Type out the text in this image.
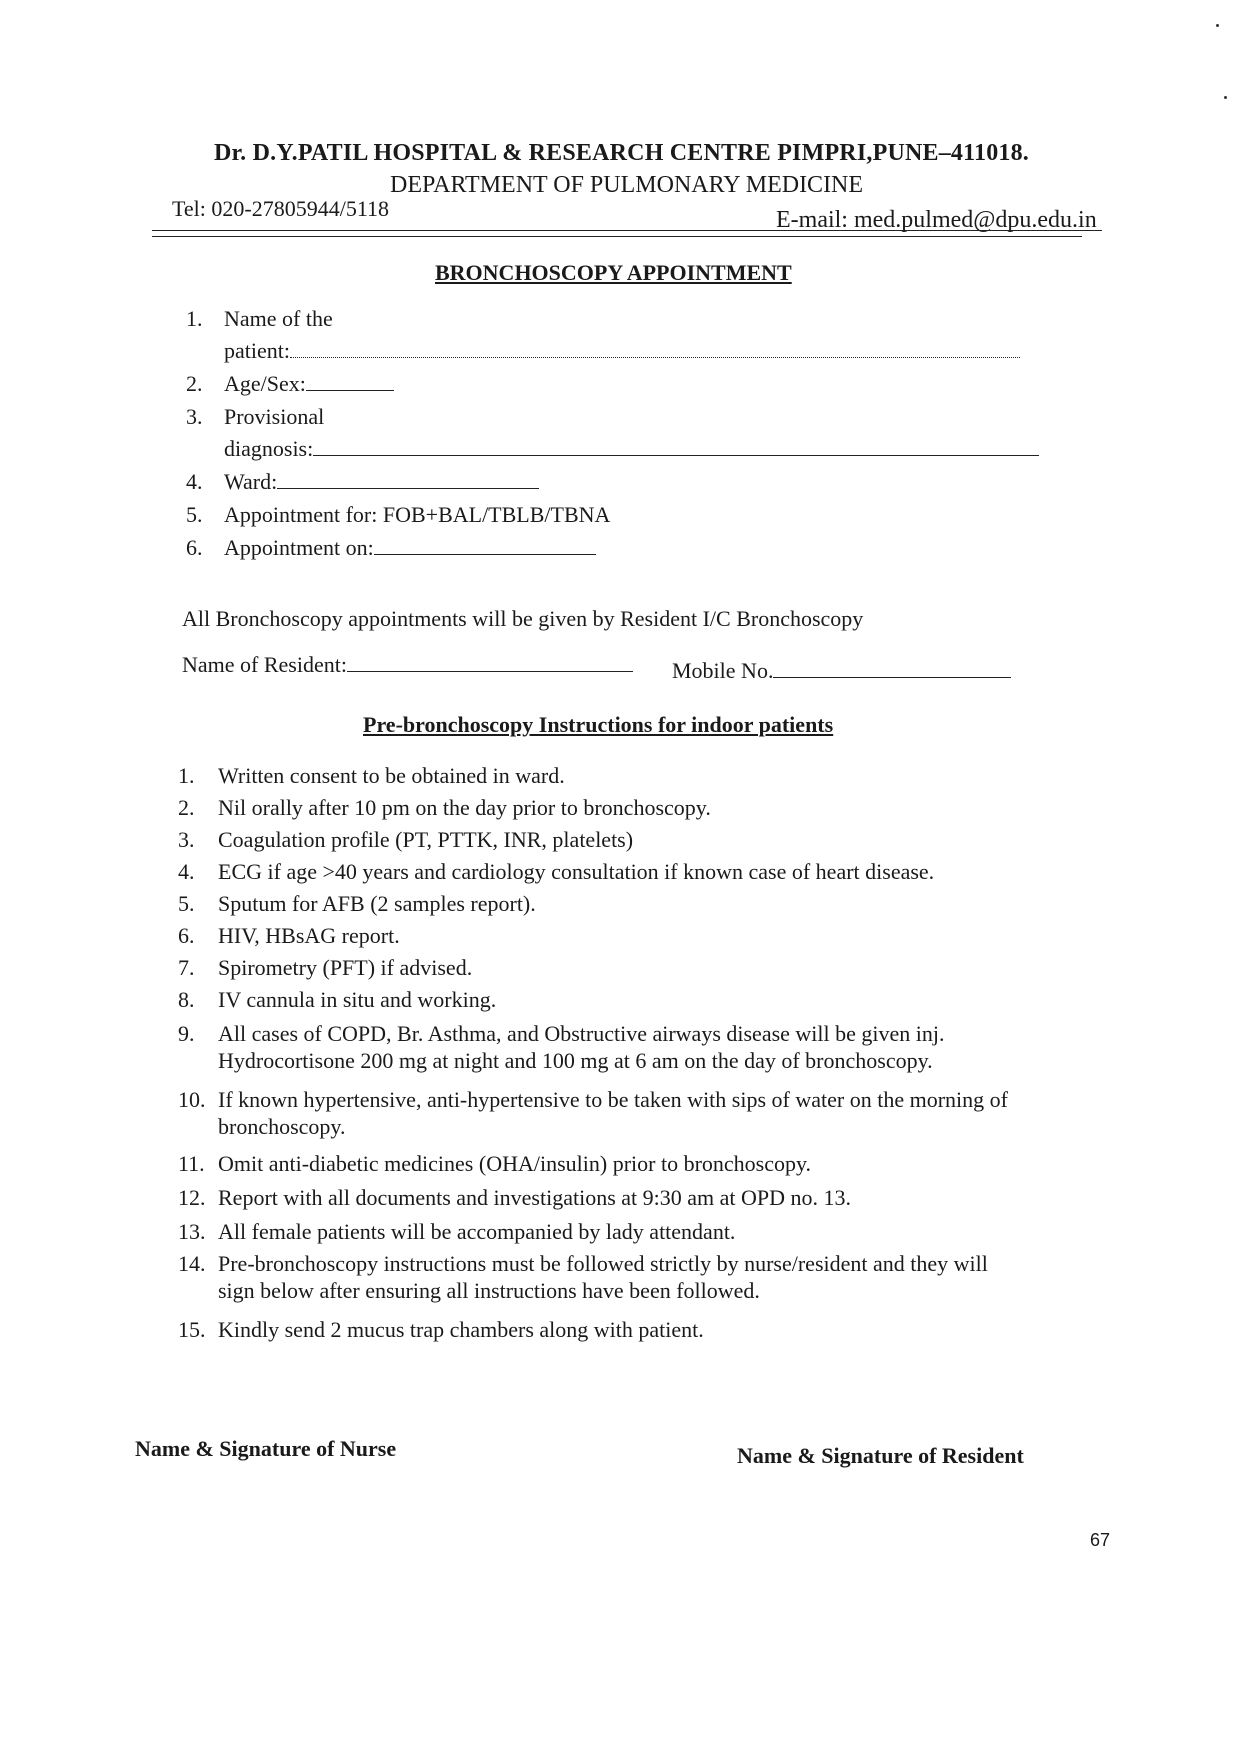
Dr. D.Y.PATIL HOSPITAL & RESEARCH CENTRE PIMPRI,PUNE–411018.
DEPARTMENT OF PULMONARY MEDICINE
Tel: 020-27805944/5118	E-mail: med.pulmed@dpu.edu.in
BRONCHOSCOPY APPOINTMENT
1. Name of the
patient:
2. Age/Sex:
3. Provisional
diagnosis:
4. Ward:
5. Appointment for: FOB+BAL/TBLB/TBNA
6. Appointment on:
All Bronchoscopy appointments will be given by Resident I/C Bronchoscopy
Name of Resident:	Mobile No.
Pre-bronchoscopy Instructions for indoor patients
1. Written consent to be obtained in ward.
2. Nil orally after 10 pm on the day prior to bronchoscopy.
3. Coagulation profile (PT, PTTK, INR, platelets)
4. ECG if age >40 years and cardiology consultation if known case of heart disease.
5. Sputum for AFB (2 samples report).
6. HIV, HBsAG report.
7. Spirometry (PFT) if advised.
8. IV cannula in situ and working.
9. All cases of COPD, Br. Asthma, and Obstructive airways disease will be given inj.
Hydrocortisone 200 mg at night and 100 mg at 6 am on the day of bronchoscopy.
10. If known hypertensive, anti-hypertensive to be taken with sips of water on the morning of
bronchoscopy.
11. Omit anti-diabetic medicines (OHA/insulin) prior to bronchoscopy.
12. Report with all documents and investigations at 9:30 am at OPD no. 13.
13. All female patients will be accompanied by lady attendant.
14. Pre-bronchoscopy instructions must be followed strictly by nurse/resident and they will
sign below after ensuring all instructions have been followed.
15. Kindly send 2 mucus trap chambers along with patient.
Name & Signature of Nurse	Name & Signature of Resident
67
